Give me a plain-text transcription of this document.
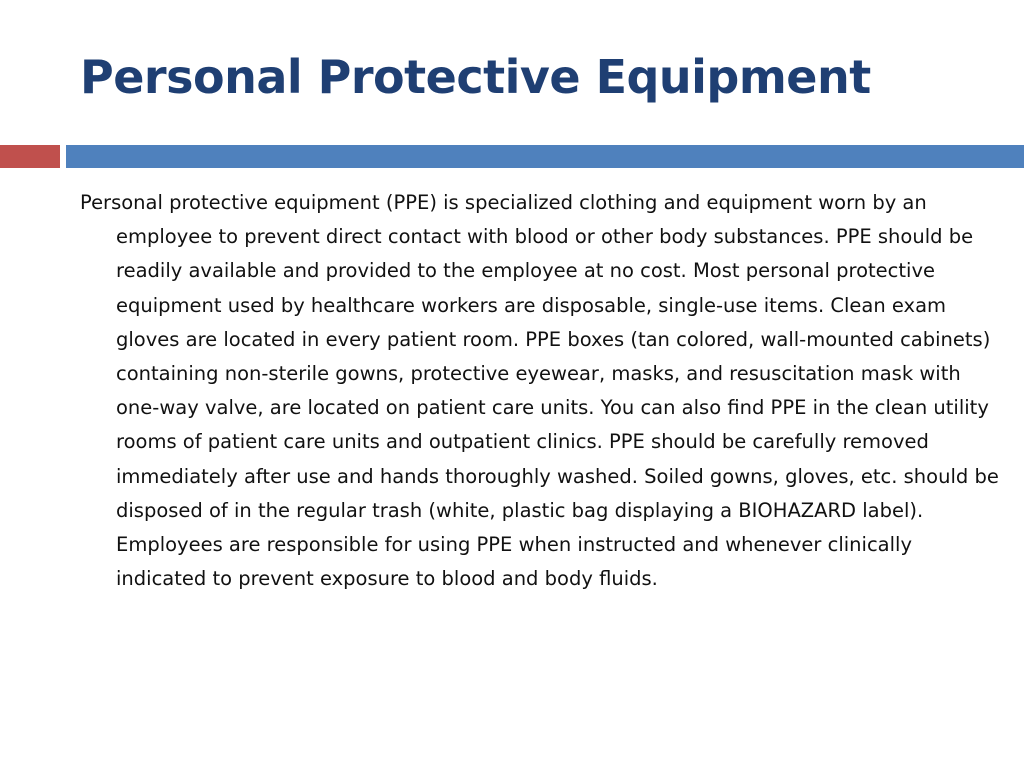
Personal Protective Equipment

Personal protective equipment (PPE) is specialized clothing and equipment worn by an employee to prevent direct contact with blood or other body substances. PPE should be readily available and provided to the employee at no cost. Most personal protective equipment used by healthcare workers are disposable, single-use items. Clean exam gloves are located in every patient room. PPE boxes (tan colored, wall-mounted cabinets) containing non-sterile gowns, protective eyewear, masks, and resuscitation mask with one-way valve, are located on patient care units. You can also find PPE in the clean utility rooms of patient care units and outpatient clinics. PPE should be carefully removed immediately after use and hands thoroughly washed. Soiled gowns, gloves, etc. should be disposed of in the regular trash (white, plastic bag displaying a BIOHAZARD label). Employees are responsible for using PPE when instructed and whenever clinically indicated to prevent exposure to blood and body fluids.
